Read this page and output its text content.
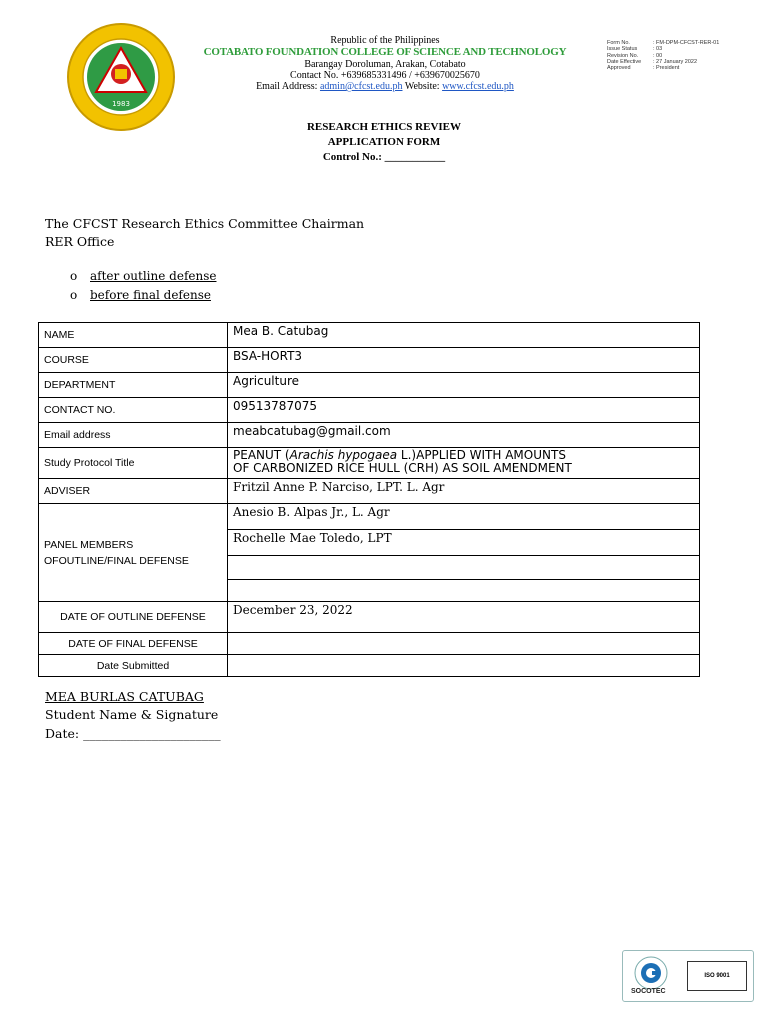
1983
Republic of the Philippines
COTABATO FOUNDATION COLLEGE OF SCIENCE AND TECHNOLOGY
Barangay Doroluman, Arakan, Cotabato
Contact No. +639685331496 / +639670025670
Email Address: admin@cfcst.edu.ph Website: www.cfcst.edu.ph
Form No.	: FM-DPM-CFCST-RER-01
Issue Status	: 03
Revision No.	: 00
Date Effective	: 27 January 2022
Approved	: President
RESEARCH ETHICS REVIEW
APPLICATION FORM
Control No.: ___________
The CFCST Research Ethics Committee Chairman
RER Office
o after outline defense
o before final defense
NAME	Mea B. Catubag
COURSE	BSA-HORT3
DEPARTMENT	Agriculture
CONTACT NO.	09513787075
Email address	meabcatubag@gmail.com
Study Protocol Title	PEANUT (Arachis hypogaea L.)APPLIED WITH AMOUNTS
OF CARBONIZED RICE HULL (CRH) AS SOIL AMENDMENT
ADVISER	Fritzil Anne P. Narciso, LPT. L. Agr
PANEL MEMBERS OFOUTLINE/FINAL DEFENSE	Anesio B. Alpas Jr., L. Agr
	Rochelle Mae Toledo, LPT

DATE OF OUTLINE DEFENSE	December 23, 2022
DATE OF FINAL DEFENSE	
Date Submitted	
MEA BURLAS CATUBAG
Student Name & Signature
Date: ______________________
SOCOTEC
ISO 9001
